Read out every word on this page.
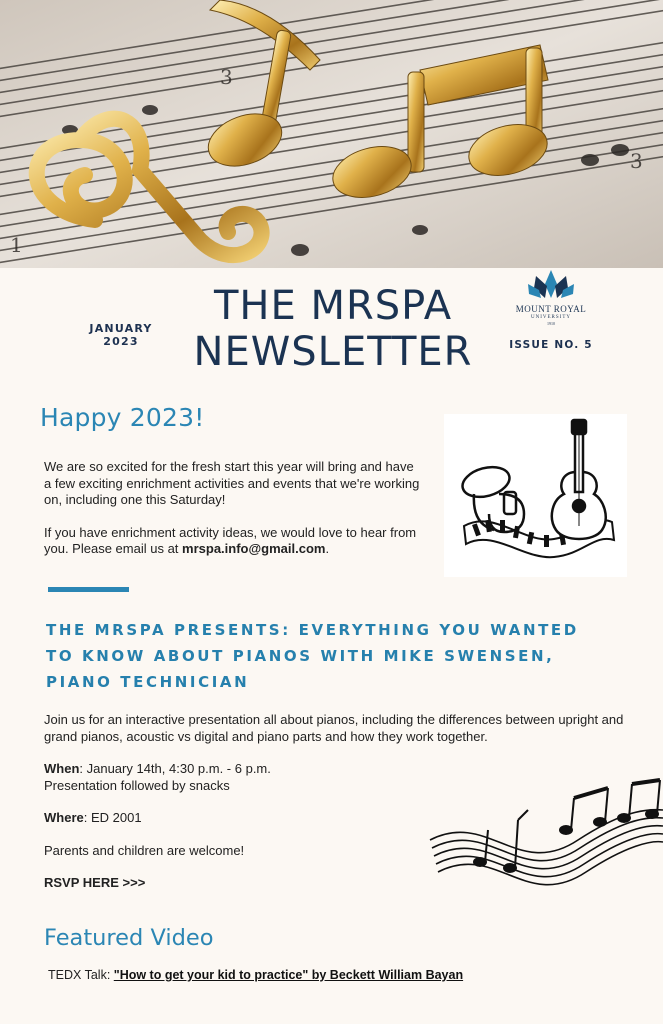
1
3
3
JANUARY
2023
THE MRSPA
NEWSLETTER
MOUNT ROYAL
UNIVERSITY
1910
ISSUE NO. 5
Happy 2023!

We are so excited for the fresh start this year will bring and have a few exciting enrichment activities and events that we're working on, including one this Saturday!

If you have enrichment activity ideas, we would love to hear from you. Please email us at mrspa.info@gmail.com.

THE MRSPA PRESENTS: EVERYTHING YOU WANTED TO KNOW ABOUT PIANOS WITH MIKE SWENSEN, PIANO TECHNICIAN

Join us for an interactive presentation all about pianos, including the differences between upright and grand pianos, acoustic vs digital and piano parts and how they work together.

When: January 14th, 4:30 p.m. - 6 p.m.
Presentation followed by snacks

Where: ED 2001

Parents and children are welcome!

RSVP HERE >>>

Featured Video
TEDX Talk: "How to get your kid to practice" by Beckett William Bayan
